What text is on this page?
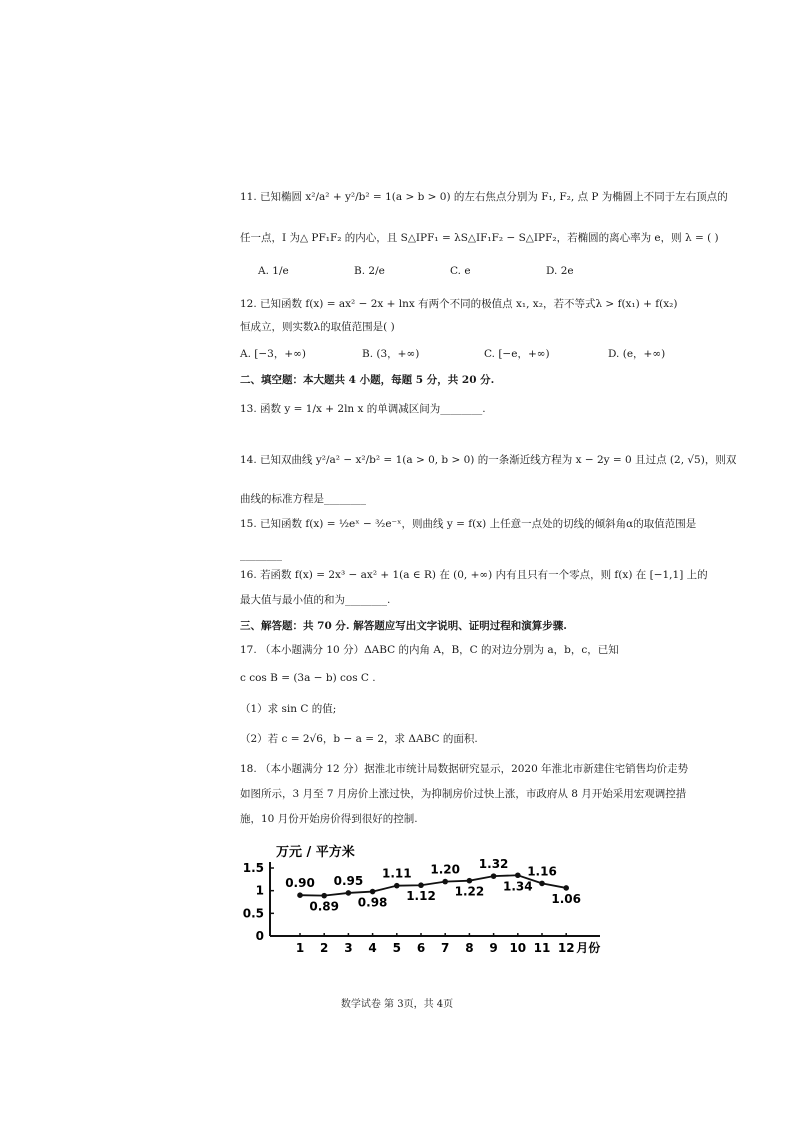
11. 已知椭圆 x²/a² + y²/b² = 1(a > b > 0) 的左右焦点分别为 F₁, F₂, 点 P 为椭圆上不同于左右顶点的
任一点，I 为△ PF₁F₂ 的内心，且 S△IPF₁ = λS△IF₁F₂ − S△IPF₂，若椭圆的离心率为 e，则 λ = ( )
A. 1/e	B. 2/e	C. e	D. 2e
12. 已知函数 f(x) = ax² − 2x + lnx 有两个不同的极值点 x₁, x₂，若不等式λ > f(x₁) + f(x₂)
恒成立，则实数λ的取值范围是( )
A. [−3，+∞)	B. (3，+∞)	C. [−e，+∞)	D. (e，+∞)
二、填空题：本大题共 4 小题，每题 5 分，共 20 分.
13. 函数 y = 1/x + 2ln x 的单调减区间为________.
14. 已知双曲线 y²/a² − x²/b² = 1(a > 0, b > 0) 的一条渐近线方程为 x − 2y = 0 且过点 (2, √5)，则双
曲线的标准方程是________
15. 已知函数 f(x) = ½eˣ − ³⁄₂e⁻ˣ，则曲线 y = f(x) 上任意一点处的切线的倾斜角α的取值范围是
________
16. 若函数 f(x) = 2x³ − ax² + 1(a ∈ R) 在 (0, +∞) 内有且只有一个零点，则 f(x) 在 [−1,1] 上的
最大值与最小值的和为________.
三、解答题：共 70 分. 解答题应写出文字说明、证明过程和演算步骤.
17. （本小题满分 10 分）ΔABC 的内角 A，B，C 的对边分别为 a，b，c，已知
c cos B = (3a − b) cos C .
（1）求 sin C 的值;
（2）若 c = 2√6，b − a = 2，求 ΔABC 的面积.
18. （本小题满分 12 分）据淮北市统计局数据研究显示，2020 年淮北市新建住宅销售均价走势
如图所示，3 月至 7 月房价上涨过快，为抑制房价过快上涨，市政府从 8 月开始采用宏观调控措
施，10 月份开始房价得到很好的控制.
0
0.5
1
1.5
万元 / 平方米
1 2 3 4 5 6 7 8 9 10 11 12 月份
0.90
0.89
0.95
0.98
1.11
1.12
1.20
1.22
1.32
1.34
1.16
1.06
数学试卷 第 3页，共 4页
